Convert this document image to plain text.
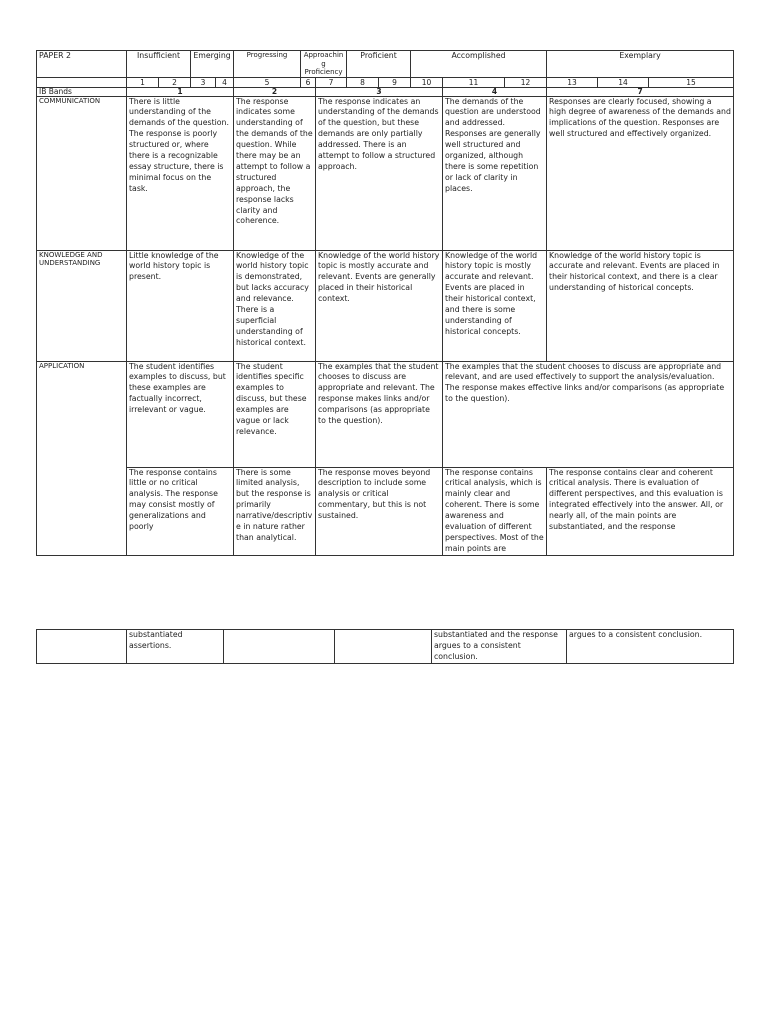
PAPER 2	Insufficient		Emerging		Progressing	Approaching Proficiency		Proficient		Accomplished			Exemplary		
	1	2	3	4	5	6	7	8	9	10	11	12	13	14	15
IB Bands	1				2		3				4		7		
COMMUNICATION	There is little understanding of the demands of the question. The response is poorly structured or, where there is a recognizable essay structure, there is minimal focus on the task.				The response indicates some understanding of the demands of the question. While there may be an attempt to follow a structured approach, the response lacks clarity and coherence.		The response indicates an understanding of the demands of the question, but these demands are only partially addressed. There is an attempt to follow a structured approach.				The demands of the question are understood and addressed. Responses are generally well structured and organized, although there is some repetition or lack of clarity in places.		Responses are clearly focused, showing a high degree of awareness of the demands and implications of the question. Responses are well structured and effectively organized.		
KNOWLEDGE AND UNDERSTANDING	Little knowledge of the world history topic is present.				Knowledge of the world history topic is demonstrated, but lacks accuracy and relevance. There is a superficial understanding of historical context.		Knowledge of the world history topic is mostly accurate and relevant. Events are generally placed in their historical context.				Knowledge of the world history topic is mostly accurate and relevant. Events are placed in their historical context, and there is some understanding of historical concepts.		Knowledge of the world history topic is accurate and relevant. Events are placed in their historical context, and there is a clear understanding of historical concepts.		
APPLICATION	The student identifies examples to discuss, but these examples are factually incorrect, irrelevant or vague.				The student identifies specific examples to discuss, but these examples are vague or lack relevance.		The examples that the student chooses to discuss are appropriate and relevant. The response makes links and/or comparisons (as appropriate to the question).				The examples that the student chooses to discuss are appropriate and relevant, and are used effectively to support the analysis/evaluation. The response makes effective links and/or comparisons (as appropriate to the question).				
	The response contains little or no critical analysis. The response may consist mostly of generalizations and poorly				There is some limited analysis, but the response is primarily narrative/descriptive in nature rather than analytical.		The response moves beyond description to include some analysis or critical commentary, but this is not sustained.				The response contains critical analysis, which is mainly clear and coherent. There is some awareness and evaluation of different perspectives. Most of the main points are		The response contains clear and coherent critical analysis. There is evaluation of different perspectives, and this evaluation is integrated effectively into the answer. All, or nearly all, of the main points are substantiated, and the response		
	substantiated assertions.			substantiated and the response argues to a consistent conclusion.	argues to a consistent conclusion.
